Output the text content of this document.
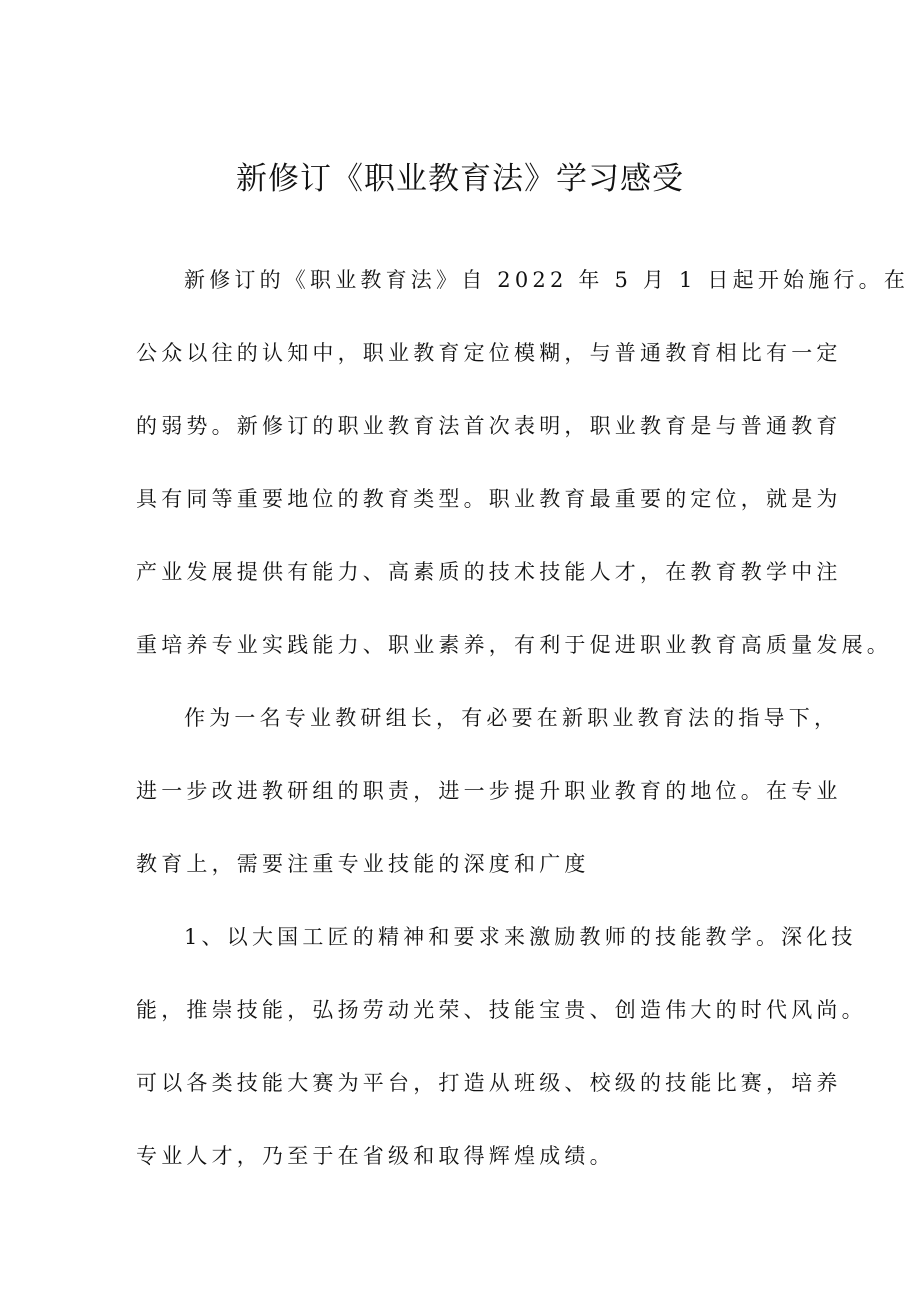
新修订《职业教育法》学习感受
新修订的《职业教育法》自 2022 年 5 月 1 日起开始施行。在
公众以往的认知中，职业教育定位模糊，与普通教育相比有一定
的弱势。新修订的职业教育法首次表明，职业教育是与普通教育
具有同等重要地位的教育类型。职业教育最重要的定位，就是为
产业发展提供有能力、高素质的技术技能人才，在教育教学中注
重培养专业实践能力、职业素养，有利于促进职业教育高质量发展。
作为一名专业教研组长，有必要在新职业教育法的指导下，
进一步改进教研组的职责，进一步提升职业教育的地位。在专业
教育上，需要注重专业技能的深度和广度
1、以大国工匠的精神和要求来激励教师的技能教学。深化技
能，推崇技能，弘扬劳动光荣、技能宝贵、创造伟大的时代风尚。
可以各类技能大赛为平台，打造从班级、校级的技能比赛，培养
专业人才，乃至于在省级和取得辉煌成绩。
